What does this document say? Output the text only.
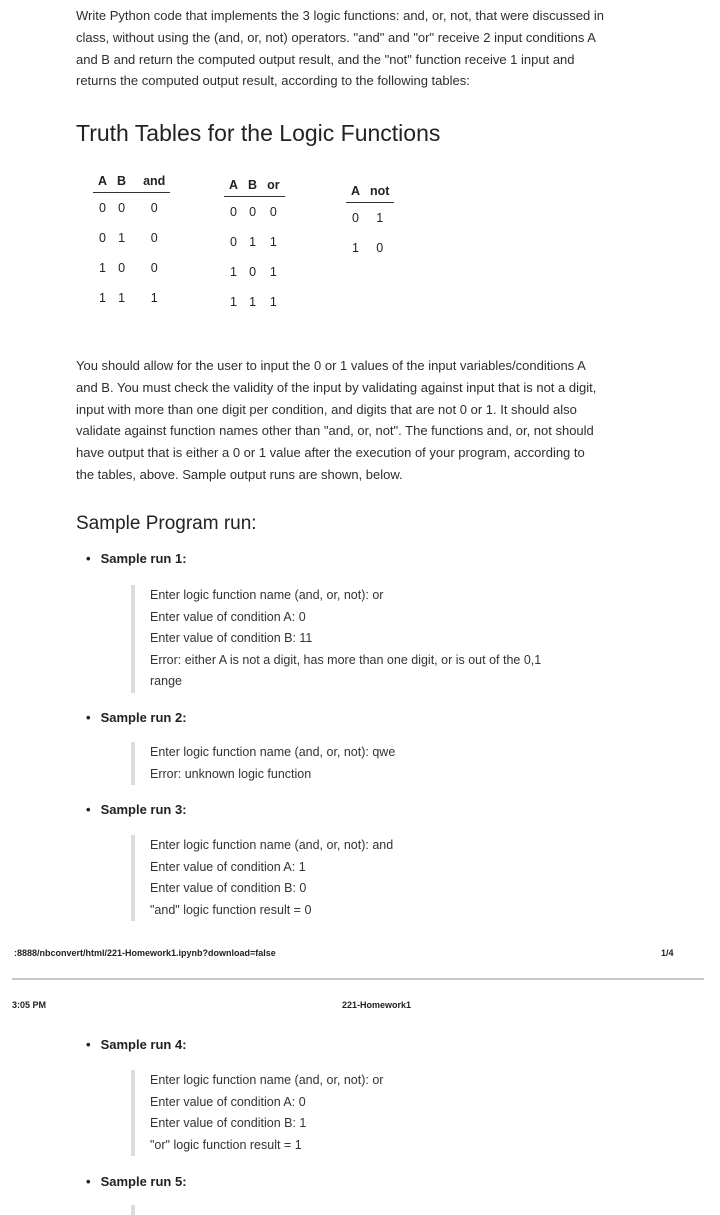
Write Python code that implements the 3 logic functions: and, or, not, that were discussed in
class, without using the (and, or, not) operators. "and" and "or" receive 2 input conditions A
and B and return the computed output result, and the "not" function receive 1 input and
returns the computed output result, according to the following tables:
Truth Tables for the Logic Functions
A	B	and
0	0	0
0	1	0
1	0	0
1	1	1
A	B	or
0	0	0
0	1	1
1	0	1
1	1	1
A	not
0	1
1	0
You should allow for the user to input the 0 or 1 values of the input variables/conditions A
and B. You must check the validity of the input by validating against input that is not a digit,
input with more than one digit per condition, and digits that are not 0 or 1. It should also
validate against function names other than "and, or, not". The functions and, or, not should
have output that is either a 0 or 1 value after the execution of your program, according to
the tables, above. Sample output runs are shown, below.
Sample Program run:
• Sample run 1:
Enter logic function name (and, or, not): or
Enter value of condition A: 0
Enter value of condition B: 11
Error: either A is not a digit, has more than one digit, or is out of the 0,1
range
• Sample run 2:
Enter logic function name (and, or, not): qwe
Error: unknown logic function
• Sample run 3:
Enter logic function name (and, or, not): and
Enter value of condition A: 1
Enter value of condition B: 0
"and" logic function result = 0
:8888/nbconvert/html/221-Homework1.ipynb?download=false	1/4
3:05 PM	221-Homework1
• Sample run 4:
Enter logic function name (and, or, not): or
Enter value of condition A: 0
Enter value of condition B: 1
"or" logic function result = 1
• Sample run 5:
